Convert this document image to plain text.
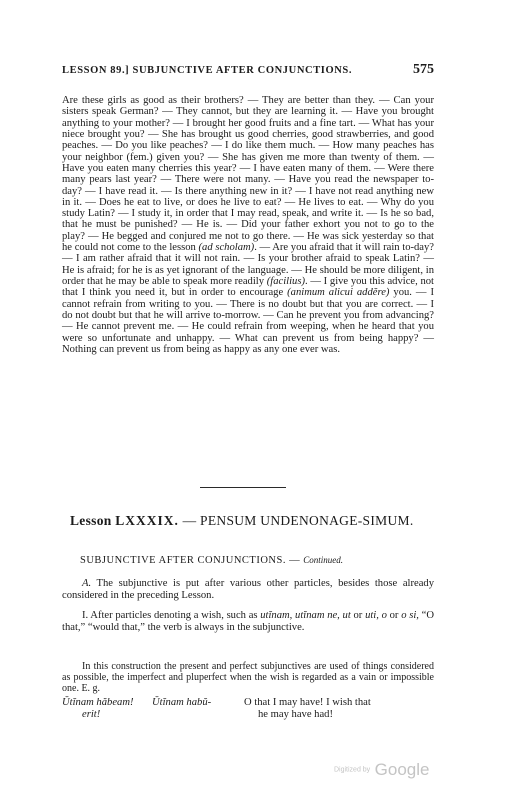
LESSON 89.] SUBJUNCTIVE AFTER CONJUNCTIONS.	575
Are these girls as good as their brothers? — They are better than they. — Can your sisters speak German? — They cannot, but they are learning it. — Have you brought anything to your mother? — I brought her good fruits and a fine tart. — What has your niece brought you? — She has brought us good cherries, good strawberries, and good peaches. — Do you like peaches? — I do like them much. — How many peaches has your neighbor (fem.) given you? — She has given me more than twenty of them. — Have you eaten many cherries this year? — I have eaten many of them. — Were there many pears last year? — There were not many. — Have you read the newspaper to-day? — I have read it. — Is there anything new in it? — I have not read anything new in it. — Does he eat to live, or does he live to eat? — He lives to eat. — Why do you study Latin? — I study it, in order that I may read, speak, and write it. — Is he so bad, that he must be punished? — He is. — Did your father exhort you not to go to the play? — He begged and conjured me not to go there. — He was sick yesterday so that he could not come to the lesson (ad scholam). — Are you afraid that it will rain to-day? — I am rather afraid that it will not rain. — Is your brother afraid to speak Latin? — He is afraid; for he is as yet ignorant of the language. — He should be more diligent, in order that he may be able to speak more readily (facilius). — I give you this advice, not that I think you need it, but in order to encourage (animum alicui addĕre) you. — I cannot refrain from writing to you. — There is no doubt but that you are correct. — I do not doubt but that he will arrive to-morrow. — Can he prevent you from advancing? — He cannot prevent me. — He could refrain from weeping, when he heard that you were so unfortunate and unhappy. — What can prevent us from being happy? — Nothing can prevent us from being as happy as any one ever was.
Lesson LXXXIX. — PENSUM UNDENONAGE-SIMUM.
SUBJUNCTIVE AFTER CONJUNCTIONS. — Continued.
A. The subjunctive is put after various other particles, besides those already considered in the preceding Lesson.
I. After particles denoting a wish, such as utĭnam, utĭnam ne, ut or uti, o or o si, “O that,” “would that,” the verb is always in the subjunctive.
In this construction the present and perfect subjunctives are used of things considered as possible, the imperfect and pluperfect when the wish is regarded as a vain or impossible one. E. g.
Ŭtĭnam hăbeam! Ŭtĭnam habŭ-
erit!
O that I may have! I wish that
he may have had!
Digitized by Google
